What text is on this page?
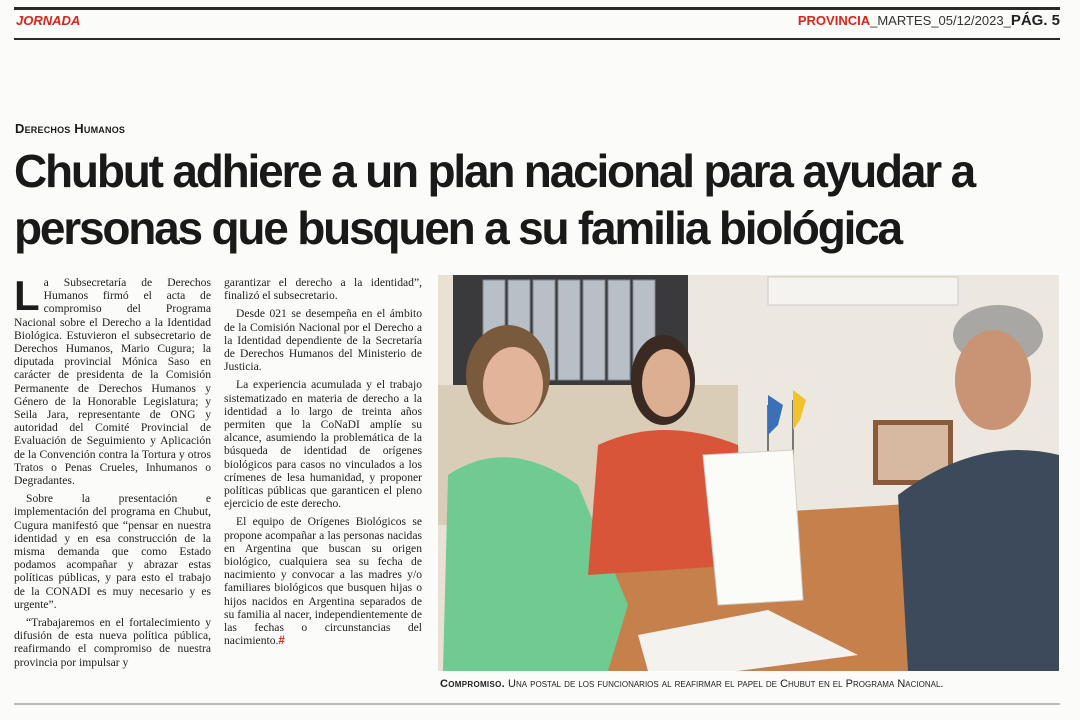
JORNADA	PROVINCIA_MARTES_05/12/2023_PÁG. 5
Derechos Humanos
Chubut adhiere a un plan nacional para ayudar a personas que busquen a su familia biológica

La Subsecretaría de Derechos Humanos firmó el acta de compromiso del Programa Nacional sobre el Derecho a la Identidad Biológica. Estuvieron el subsecretario de Derechos Humanos, Mario Cugura; la diputada provincial Mónica Saso en carácter de presidenta de la Comisión Permanente de Derechos Humanos y Género de la Honorable Legislatura; y Seila Jara, representante de ONG y autoridad del Comité Provincial de Evaluación de Seguimiento y Aplicación de la Convención contra la Tortura y otros Tratos o Penas Crueles, Inhumanos o Degradantes.

Sobre la presentación e implementación del programa en Chubut, Cugura manifestó que “pensar en nuestra identidad y en esa construcción de la misma demanda que como Estado podamos acompañar y abrazar estas políticas públicas, y para esto el trabajo de la CONADI es muy necesario y es urgente”.

“Trabajaremos en el fortalecimiento y difusión de esta nueva política pública, reafirmando el compromiso de nuestra provincia por impulsar y

garantizar el derecho a la identidad”, finalizó el subsecretario.

Desde 021 se desempeña en el ámbito de la Comisión Nacional por el Derecho a la Identidad dependiente de la Secretaría de Derechos Humanos del Ministerio de Justicia.

La experiencia acumulada y el trabajo sistematizado en materia de derecho a la identidad a lo largo de treinta años permiten que la CoNaDI amplíe su alcance, asumiendo la problemática de la búsqueda de identidad de orígenes biológicos para casos no vinculados a los crímenes de lesa humanidad, y proponer políticas públicas que garanticen el pleno ejercicio de este derecho.

El equipo de Orígenes Biológicos se propone acompañar a las personas nacidas en Argentina que buscan su origen biológico, cualquiera sea su fecha de nacimiento y convocar a las madres y/o familiares biológicos que busquen hijas o hijos nacidos en Argentina separados de su familia al nacer, independientemente de las fechas o circunstancias del nacimiento.#

Compromiso. Una postal de los funcionarios al reafirmar el papel de Chubut en el Programa Nacional.
